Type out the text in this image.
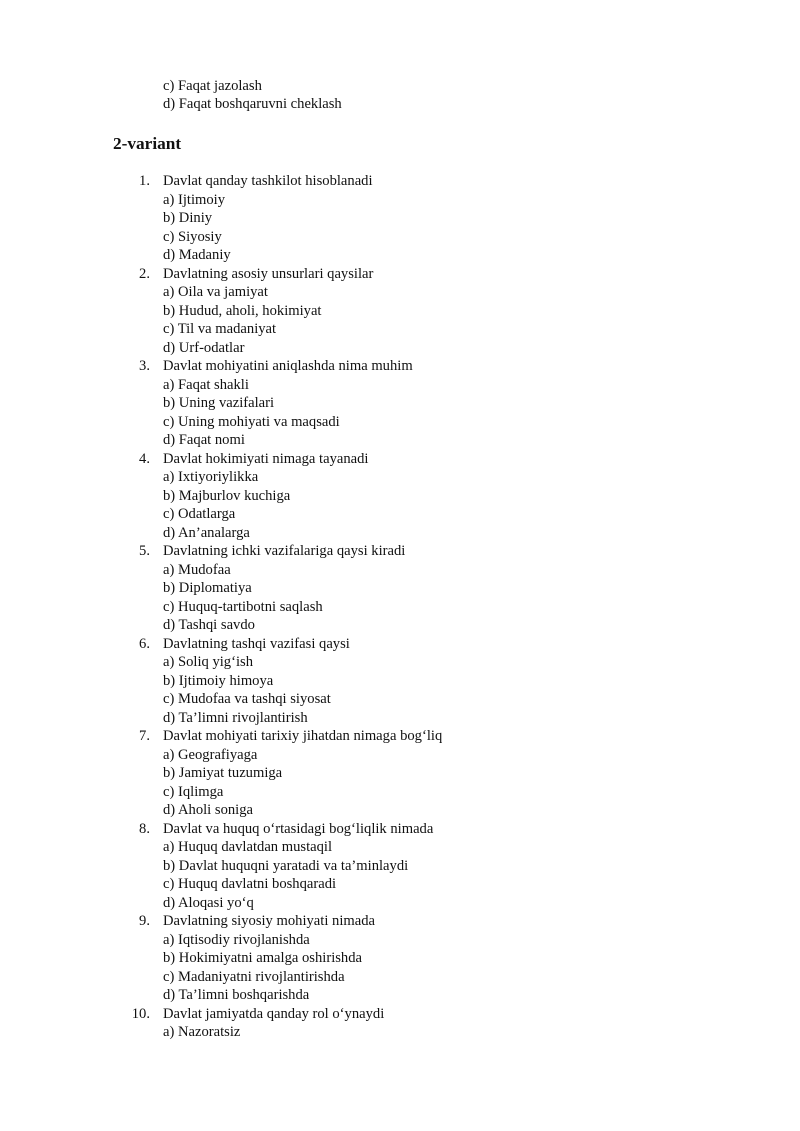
c) Faqat jazolash
d) Faqat boshqaruvni cheklash
2-variant
1. Davlat qanday tashkilot hisoblanadi
a) Ijtimoiy
b) Diniy
c) Siyosiy
d) Madaniy
2. Davlatning asosiy unsurlari qaysilar
a) Oila va jamiyat
b) Hudud, aholi, hokimiyat
c) Til va madaniyat
d) Urf-odatlar
3. Davlat mohiyatini aniqlashda nima muhim
a) Faqat shakli
b) Uning vazifalari
c) Uning mohiyati va maqsadi
d) Faqat nomi
4. Davlat hokimiyati nimaga tayanadi
a) Ixtiyoriylikka
b) Majburlov kuchiga
c) Odatlarga
d) An’analarga
5. Davlatning ichki vazifalariga qaysi kiradi
a) Mudofaa
b) Diplomatiya
c) Huquq-tartibotni saqlash
d) Tashqi savdo
6. Davlatning tashqi vazifasi qaysi
a) Soliq yig‘ish
b) Ijtimoiy himoya
c) Mudofaa va tashqi siyosat
d) Ta’limni rivojlantirish
7. Davlat mohiyati tarixiy jihatdan nimaga bog‘liq
a) Geografiyaga
b) Jamiyat tuzumiga
c) Iqlimga
d) Aholi soniga
8. Davlat va huquq o‘rtasidagi bog‘liqlik nimada
a) Huquq davlatdan mustaqil
b) Davlat huquqni yaratadi va ta’minlaydi
c) Huquq davlatni boshqaradi
d) Aloqasi yo‘q
9. Davlatning siyosiy mohiyati nimada
a) Iqtisodiy rivojlanishda
b) Hokimiyatni amalga oshirishda
c) Madaniyatni rivojlantirishda
d) Ta’limni boshqarishda
10. Davlat jamiyatda qanday rol o‘ynaydi
a) Nazoratsiz
